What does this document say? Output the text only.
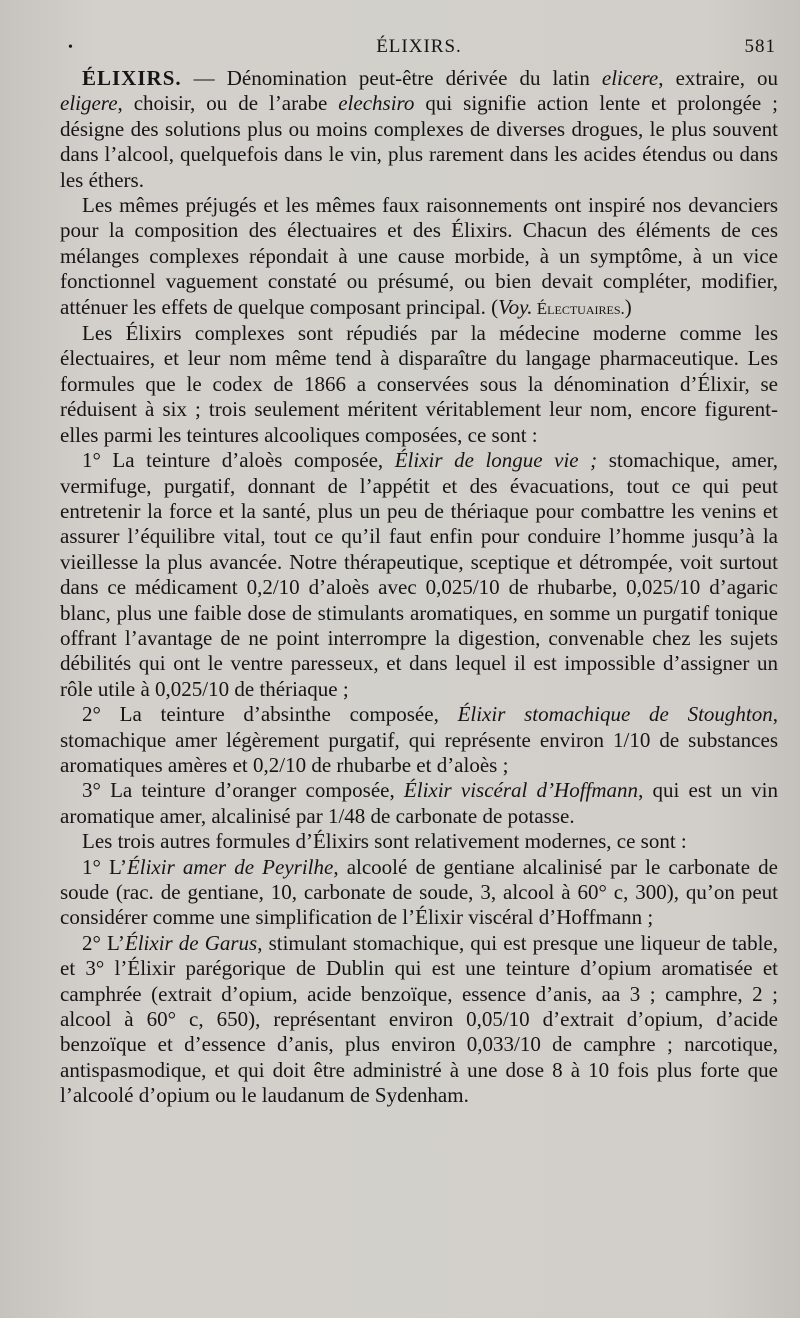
•	ÉLIXIRS.	581

ÉLIXIRS. — Dénomination peut-être dérivée du latin elicere, extraire, ou eligere, choisir, ou de l’arabe elechsiro qui signifie action lente et prolongée ; désigne des solutions plus ou moins complexes de diverses drogues, le plus souvent dans l’alcool, quelquefois dans le vin, plus rarement dans les acides étendus ou dans les éthers.

Les mêmes préjugés et les mêmes faux raisonnements ont inspiré nos devanciers pour la composition des électuaires et des Élixirs. Chacun des éléments de ces mélanges complexes répondait à une cause morbide, à un symptôme, à un vice fonctionnel vaguement constaté ou présumé, ou bien devait compléter, modifier, atténuer les effets de quelque composant principal. (Voy. Électuaires.)

Les Élixirs complexes sont répudiés par la médecine moderne comme les électuaires, et leur nom même tend à disparaître du langage pharmaceutique. Les formules que le codex de 1866 a conservées sous la dénomination d’Élixir, se réduisent à six ; trois seulement méritent véritablement leur nom, encore figurent-elles parmi les teintures alcooliques composées, ce sont :

1° La teinture d’aloès composée, Élixir de longue vie ; stomachique, amer, vermifuge, purgatif, donnant de l’appétit et des évacuations, tout ce qui peut entretenir la force et la santé, plus un peu de thériaque pour combattre les venins et assurer l’équilibre vital, tout ce qu’il faut enfin pour conduire l’homme jusqu’à la vieillesse la plus avancée. Notre thérapeutique, sceptique et détrompée, voit surtout dans ce médicament 0,2/10 d’aloès avec 0,025/10 de rhubarbe, 0,025/10 d’agaric blanc, plus une faible dose de stimulants aromatiques, en somme un purgatif tonique offrant l’avantage de ne point interrompre la digestion, convenable chez les sujets débilités qui ont le ventre paresseux, et dans lequel il est impossible d’assigner un rôle utile à 0,025/10 de thériaque ;

2° La teinture d’absinthe composée, Élixir stomachique de Stoughton, stomachique amer légèrement purgatif, qui représente environ 1/10 de substances aromatiques amères et 0,2/10 de rhubarbe et d’aloès ;

3° La teinture d’oranger composée, Élixir viscéral d’Hoffmann, qui est un vin aromatique amer, alcalinisé par 1/48 de carbonate de potasse.

Les trois autres formules d’Élixirs sont relativement modernes, ce sont :

1° L’Élixir amer de Peyrilhe, alcoolé de gentiane alcalinisé par le carbonate de soude (rac. de gentiane, 10, carbonate de soude, 3, alcool à 60° c, 300), qu’on peut considérer comme une simplification de l’Élixir viscéral d’Hoffmann ;

2° L’Élixir de Garus, stimulant stomachique, qui est presque une liqueur de table, et 3° l’Élixir parégorique de Dublin qui est une teinture d’opium aromatisée et camphrée (extrait d’opium, acide benzoïque, essence d’anis, aa 3 ; camphre, 2 ; alcool à 60° c, 650), représentant environ 0,05/10 d’extrait d’opium, d’acide benzoïque et d’essence d’anis, plus environ 0,033/10 de camphre ; narcotique, antispasmodique, et qui doit être administré à une dose 8 à 10 fois plus forte que l’alcoolé d’opium ou le laudanum de Sydenham.
